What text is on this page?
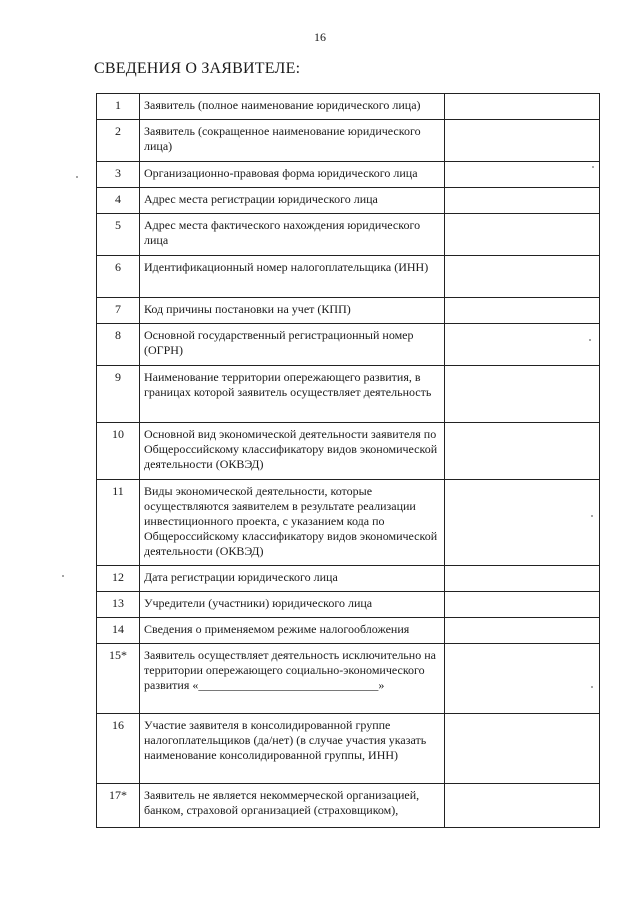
16
СВЕДЕНИЯ О ЗАЯВИТЕЛЕ:
1	Заявитель (полное наименование юридического лица)	
2	Заявитель (сокращенное наименование юридического лица)	
3	Организационно-правовая форма юридического лица	
4	Адрес места регистрации юридического лица	
5	Адрес места фактического нахождения юридического лица	
6	Идентификационный номер налогоплательщика (ИНН)	
7	Код причины постановки на учет (КПП)	
8	Основной государственный регистрационный номер (ОГРН)	
9	Наименование территории опережающего развития, в границах которой заявитель осуществляет деятельность	
10	Основной вид экономической деятельности заявителя по Общероссийскому классификатору видов экономической деятельности (ОКВЭД)	
11	Виды экономической деятельности, которые осуществляются заявителем в результате реализации инвестиционного проекта, с указанием кода по Общероссийскому классификатору видов экономической деятельности (ОКВЭД)	
12	Дата регистрации юридического лица	
13	Учредители (участники) юридического лица	
14	Сведения о применяемом режиме налогообложения	
15*	Заявитель осуществляет деятельность исключительно на территории опережающего социально-экономического развития «______________________________»	
16	Участие заявителя в консолидированной группе налогоплательщиков (да/нет) (в случае участия указать наименование консолидированной группы, ИНН)	
17*	Заявитель не является некоммерческой организацией, банком, страховой организацией (страховщиком),	
